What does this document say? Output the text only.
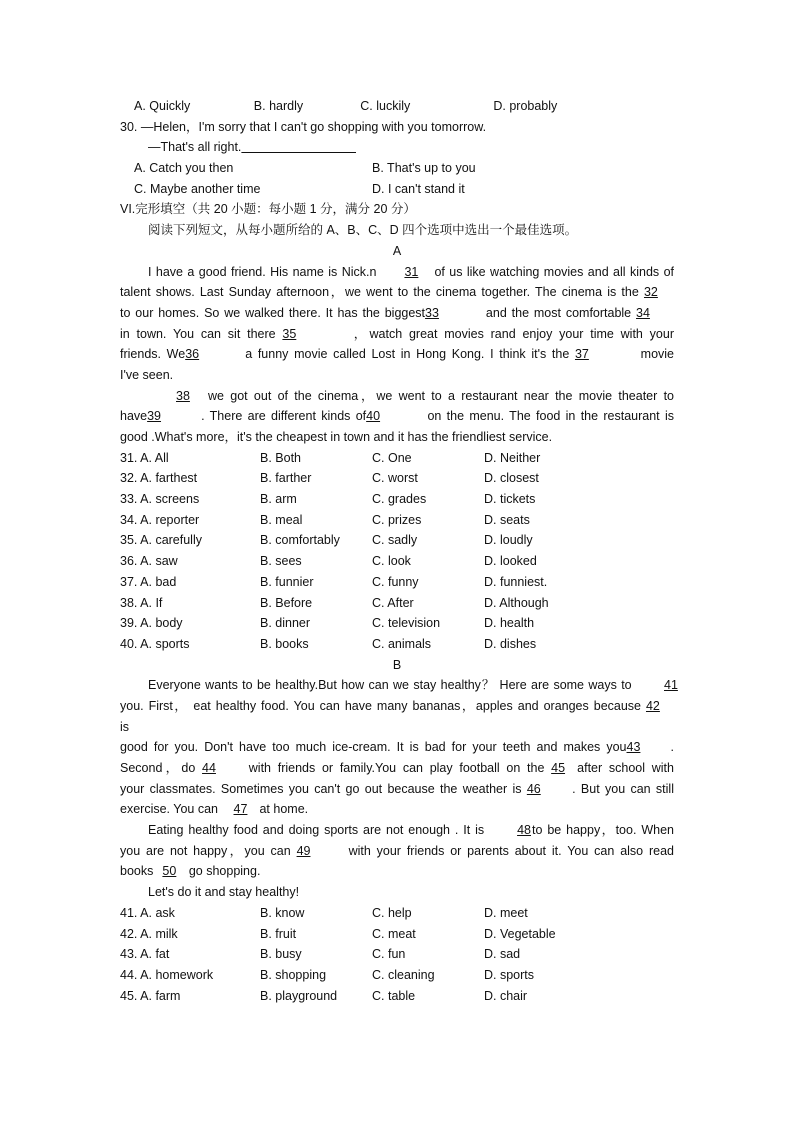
A. Quickly	B. hardly	C. luckily	D. probably
30. —Helen，I'm sorry that I can't go shopping with you tomorrow.
—That's all right.
A. Catch you then	B. That's up to you
C. Maybe another time	D. I can't stand it
VI.完形填空（共 20 小题：每小题 1 分，满分 20 分）
阅读下列短文，从每小题所给的 A、B、C、D 四个选项中选出一个最佳选项。
A
I have a good friend. His name is Nick.n 31 of us like watching movies and all kinds of
talent shows. Last Sunday afternoon，we went to the cinema together. The cinema is the 32
to our homes. So we walked there. It has the biggest33	and the most comfortable 34
in town. You can sit there 35	，watch great movies rand enjoy your time with your
friends. We36	a funny movie called Lost in Hong Kong. I think it's the 37	movie
I've seen.
38 we got out of the cinema，we went to a restaurant near the movie theater to
have39	. There are different kinds of40	on the menu. The food in the restaurant is
good .What's more，it's the cheapest in town and it has the friendliest service.
31. A. All	B. Both	C. One	D. Neither
32. A. farthest	B. farther	C. worst	D. closest
33. A. screens	B. arm	C. grades	D. tickets
34. A. reporter	B. meal	C. prizes	D. seats
35. A. carefully	B. comfortably	C. sadly	D. loudly
36. A. saw	B. sees	C. look	D. looked
37. A. bad	B. funnier	C. funny	D. funniest.
38. A. If	B. Before	C. After	D. Although
39. A. body	B. dinner	C. television	D. health
40. A. sports	B. books	C. animals	D. dishes
B
Everyone wants to be healthy.But how can we stay healthy？ Here are some ways to	41
you. First， eat healthy food. You can have many bananas，apples and oranges because 42
is
good for you. Don't have too much ice-cream. It is bad for your teeth and makes you43 .
Second，do 44	with friends or family.You can play football on the 45 after school with
your classmates. Sometimes you can't go out because the weather is 46	. But you can still
exercise. You can 47 at home.
Eating healthy food and doing sports are not enough . It is	48 to be happy，too. When
you are not happy，you can 49	with your friends or parents about it. You can also read
books 50 go shopping.
Let's do it and stay healthy!
41. A. ask	B. know	C. help	D. meet
42. A. milk	B. fruit	C. meat	D. Vegetable
43. A. fat	B. busy	C. fun	D. sad
44. A. homework	B. shopping	C. cleaning	D. sports
45. A. farm	B. playground	C. table	D. chair
